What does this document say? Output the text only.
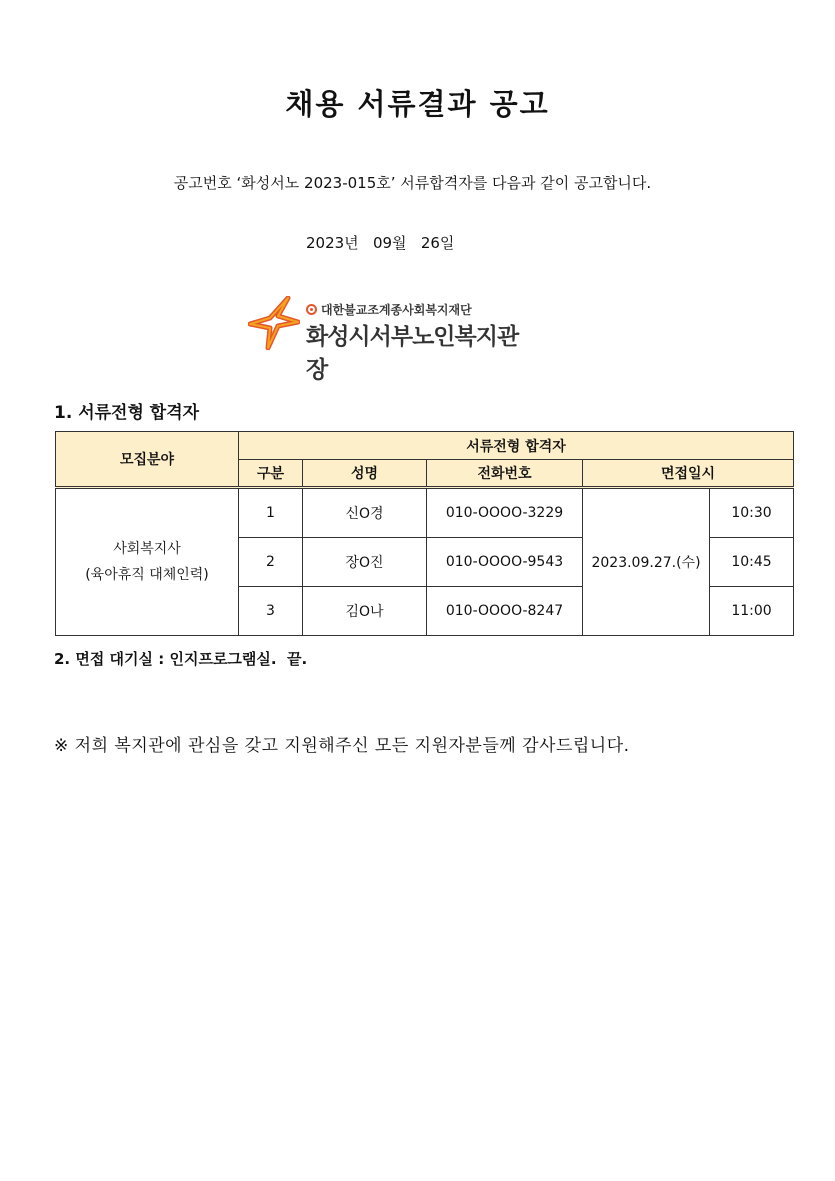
채용 서류결과 공고
공고번호 ‘화성서노 2023-015호’ 서류합격자를 다음과 같이 공고합니다.
2023년   09월   26일
대한불교조계종사회복지재단
화성시서부노인복지관장
1. 서류전형 합격자
모집분야	서류전형 합격자				
	구분	성명	전화번호	면접일시	

사회복지사
(육아휴직 대체인력)	1	신O경	010-OOOO-3229	2023.09.27.(수)	10:30
	2	장O진	010-OOOO-9543		10:45
	3	김O나	010-OOOO-8247		11:00
2. 면접 대기실 : 인지프로그램실.  끝.
※ 저희 복지관에 관심을 갖고 지원해주신 모든 지원자분들께 감사드립니다.
